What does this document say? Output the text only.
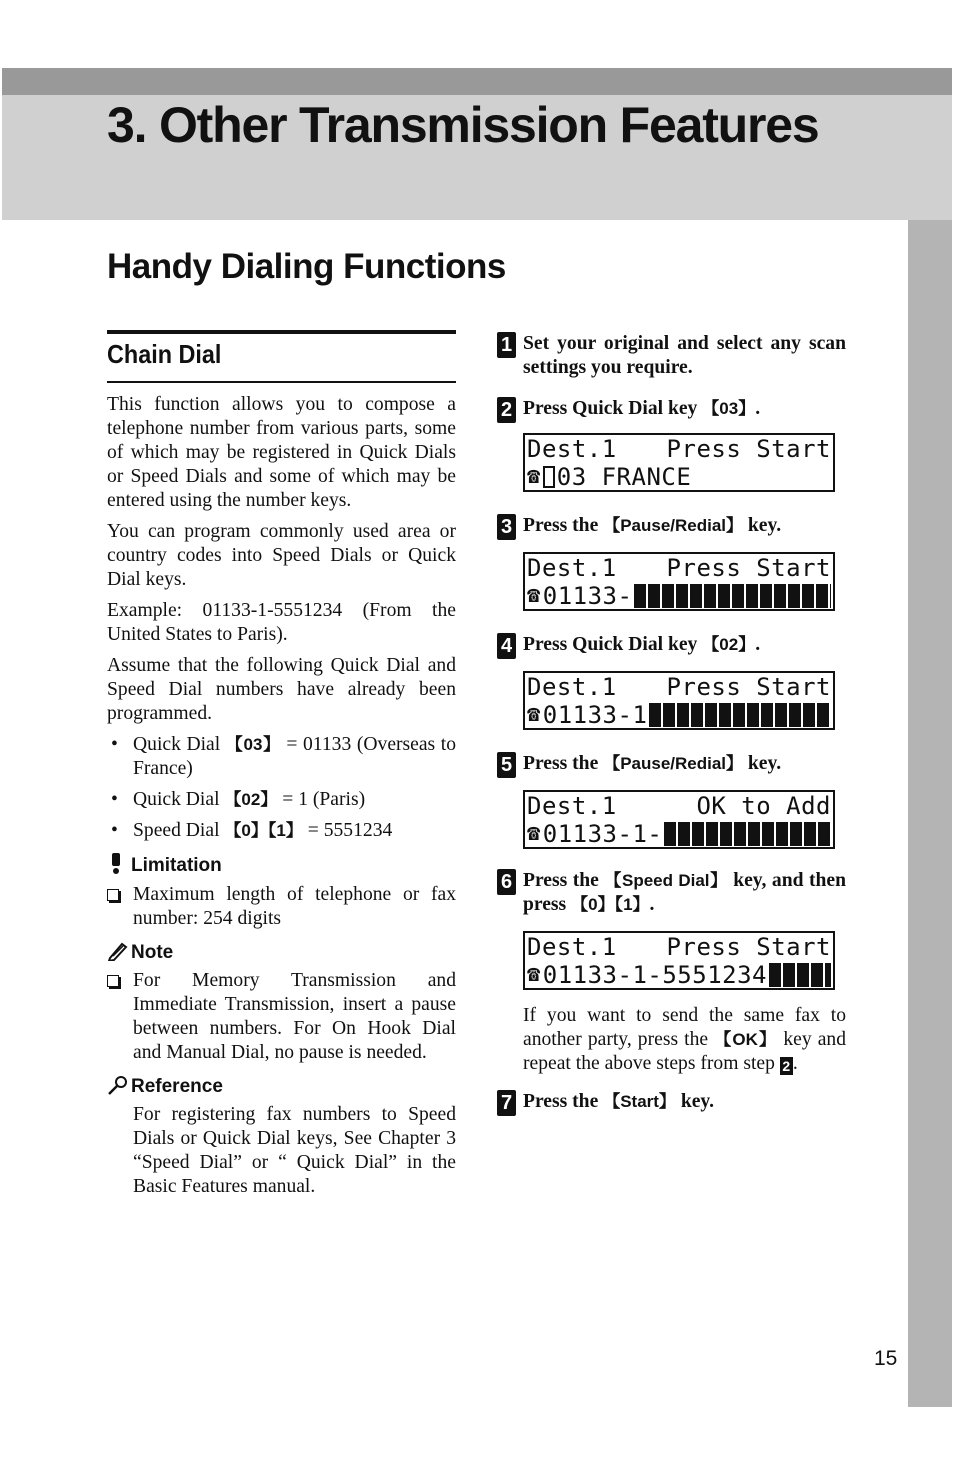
3. Other Transmission Features
Handy Dialing Functions
Chain Dial

This function allows you to compose a telephone number from various parts, some of which may be registered in Quick Dials or Speed Dials and some of which may be entered using the number keys.

You can program commonly used area or country codes into Speed Dials or Quick Dial keys.

Example: 01133-1-5551234 (From the United States to Paris).

Assume that the following Quick Dial and Speed Dial numbers have already been programmed.

• Quick Dial 【03】 = 01133 (Overseas to France)
• Quick Dial 【02】 = 1 (Paris)
• Speed Dial 【0】【1】 = 5551234
Limitation
Maximum length of telephone or fax number: 254 digits
Note
For Memory Transmission and Immediate Transmission, insert a pause between numbers. For On Hook Dial and Manual Dial, no pause is needed.
Reference
For registering fax numbers to Speed Dials or Quick Dial keys, See Chapter 3 “Speed Dial” or “ Quick Dial” in the Basic Features manual.
1 Set your original and select any scan settings you require.
2 Press Quick Dial key 【03】.
Dest.1 Press Start
☎ 03 FRANCE
3 Press the 【Pause/Redial】 key.
Dest.1 Press Start
☎ 01133-
4 Press Quick Dial key 【02】.
Dest.1 Press Start
☎ 01133-1
5 Press the 【Pause/Redial】 key.
Dest.1	OK to Add
☎ 01133-1-
6 Press the 【Speed Dial】 key, and then press 【0】【1】.
Dest.1 Press Start
☎ 01133-1-5551234
If you want to send the same fax to another party, press the 【OK】 key and repeat the above steps from step 2 .
7 Press the 【Start】 key.
15
